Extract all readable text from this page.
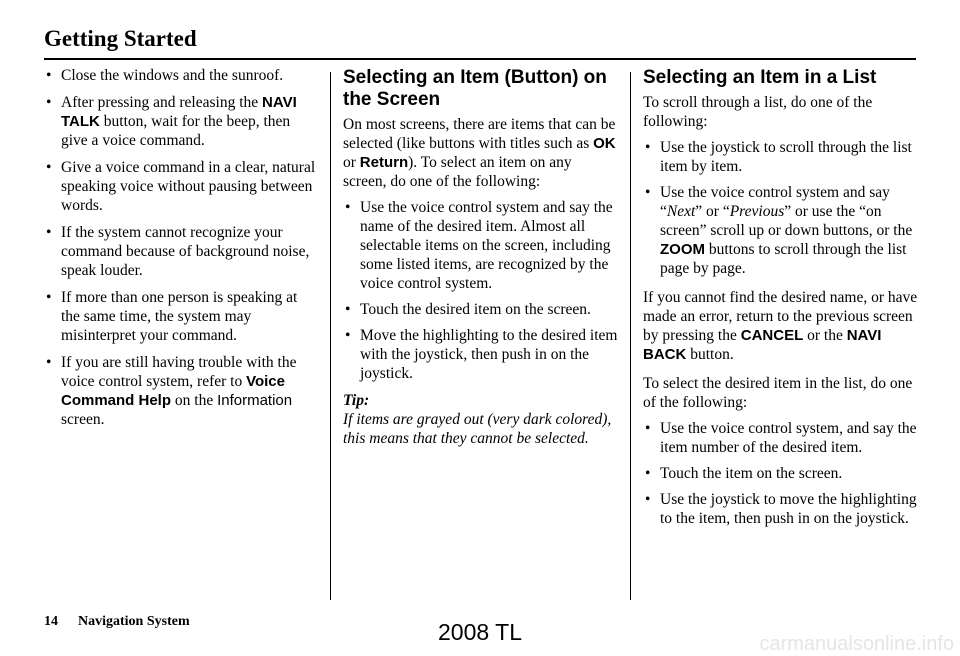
Getting Started
• Close the windows and the sunroof.
• After pressing and releasing the NAVI TALK button, wait for the beep, then give a voice command.
• Give a voice command in a clear, natural speaking voice without pausing between words.
• If the system cannot recognize your command because of background noise, speak louder.
• If more than one person is speaking at the same time, the system may misinterpret your command.
• If you are still having trouble with the voice control system, refer to Voice Command Help on the Information screen.
Selecting an Item (Button) on the Screen

On most screens, there are items that can be selected (like buttons with titles such as OK or Return). To select an item on any screen, do one of the following:

• Use the voice control system and say the name of the desired item. Almost all selectable items on the screen, including some listed items, are recognized by the voice control system.
• Touch the desired item on the screen.
• Move the highlighting to the desired item with the joystick, then push in on the joystick.
Tip:
If items are grayed out (very dark colored), this means that they cannot be selected.
Selecting an Item in a List

To scroll through a list, do one of the following:

• Use the joystick to scroll through the list item by item.
• Use the voice control system and say “Next” or “Previous” or use the “on screen” scroll up or down buttons, or the ZOOM buttons to scroll through the list page by page.

If you cannot find the desired name, or have made an error, return to the previous screen by pressing the CANCEL or the NAVI BACK button.

To select the desired item in the list, do one of the following:

• Use the voice control system, and say the item number of the desired item.
• Touch the item on the screen.
• Use the joystick to move the highlighting to the item, then push in on the joystick.
14 Navigation System	2008 TL	carmanualsonline.info
